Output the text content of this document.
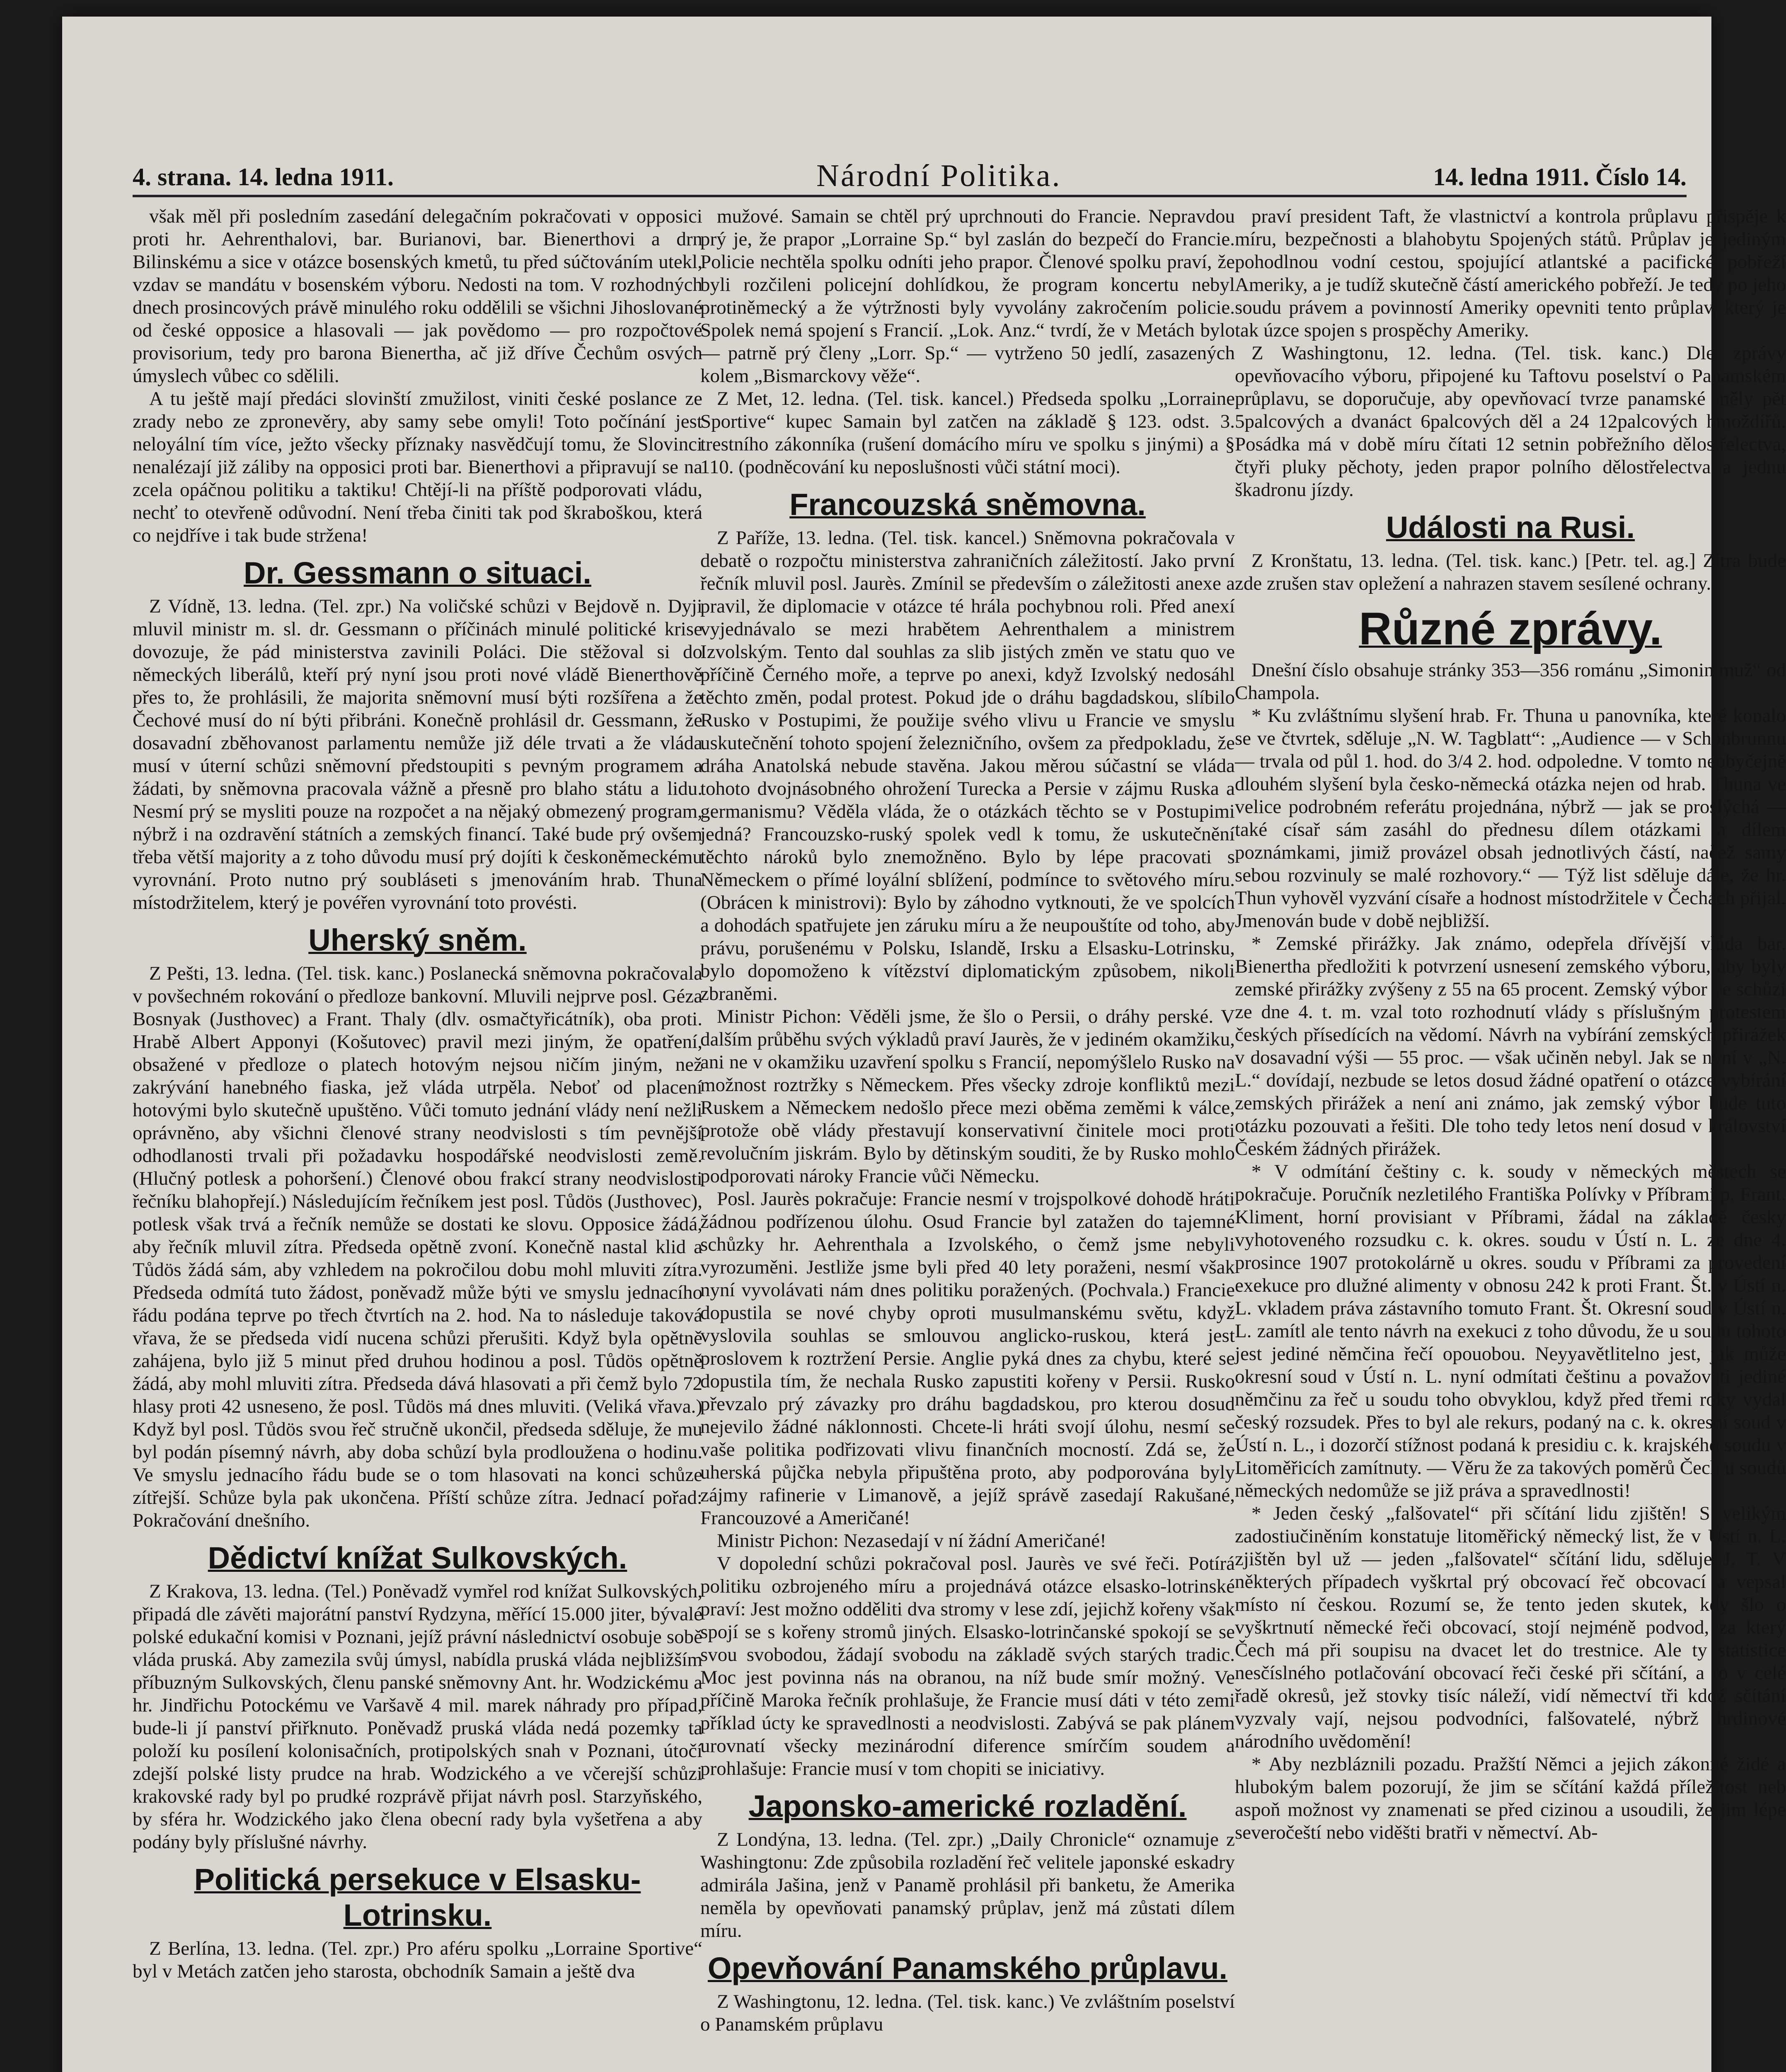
4. strana. 14. ledna 1911.	Národní Politika.	14. ledna 1911. Číslo 14.

však měl při posledním zasedání delegačním pokračovati v opposici proti hr. Aehrenthalovi, bar. Burianovi, bar. Bienerthovi a drn Bilinskému a sice v otázce bosenských kmetů, tu před súčtováním utekl, vzdav se mandátu v bosenském výboru. Nedosti na tom. V rozhodných dnech prosincových právě minulého roku oddělili se všichni Jihoslované od české opposice a hlasovali — jak povědomo — pro rozpočtové provisorium, tedy pro barona Bienertha, ač již dříve Čechům osvých úmyslech vůbec co sdělili.

A tu ještě mají předáci slovinští zmužilost, viniti české poslance ze zrady nebo ze zpronevěry, aby samy sebe omyli! Toto počínání jest neloyální tím více, ježto všecky příznaky nasvědčují tomu, že Slovinci nenalézají již záliby na opposici proti bar. Bienerthovi a připravují se na zcela opáčnou politiku a taktiku! Chtějí-li na příště podporovati vládu, nechť to otevřeně odůvodní. Není třeba činiti tak pod škraboškou, která co nejdříve i tak bude stržena!

Dr. Gessmann o situaci.

Z Vídně, 13. ledna. (Tel. zpr.) Na voličské schůzi v Bejdově n. Dyji mluvil ministr m. sl. dr. Gessmann o příčinách minulé politické krise dovozuje, že pád ministerstva zavinili Poláci. Die stěžoval si do německých liberálů, kteří prý nyní jsou proti nové vládě Bienerthově přes to, že prohlásili, že majorita sněmovní musí býti rozšířena a že Čechové musí do ní býti přibráni. Konečně prohlásil dr. Gessmann, že dosavadní zběhovanost parlamentu nemůže již déle trvati a že vláda musí v úterní schůzi sněmovní předstoupiti s pevným programem a žádati, by sněmovna pracovala vážně a přesně pro blaho státu a lidu. Nesmí prý se mysliti pouze na rozpočet a na nějaký obmezený program, nýbrž i na ozdravění státních a zemských financí. Také bude prý ovšem třeba větší majority a z toho důvodu musí prý dojíti k českoněmeckému vyrovnání. Proto nutno prý soubláseti s jmenováním hrab. Thuna místodržitelem, který je povéřen vyrovnání toto provésti.

Uherský sněm.

Z Pešti, 13. ledna. (Tel. tisk. kanc.) Poslanecká sněmovna pokračovala v povšechném rokování o předloze bankovní. Mluvili nejprve posl. Géza Bosnyak (Justhovec) a Frant. Thaly (dlv. osmačtyřicátník), oba proti. Hrabě Albert Apponyi (Košutovec) pravil mezi jiným, že opatření, obsažené v předloze o platech hotovým nejsou ničím jiným, než zakrývání hanebného fiaska, jež vláda utrpěla. Neboť od placení hotovými bylo skutečně upuštěno. Vůči tomuto jednání vlády není nežli oprávněno, aby všichni členové strany neodvislosti s tím pevnější odhodlanosti trvali při požadavku hospodářské neodvislosti země. (Hlučný potlesk a pohoršení.) Členové obou frakcí strany neodvislosti řečníku blahopřejí.) Následujícím řečníkem jest posl. Tůdös (Justhovec), potlesk však trvá a řečník nemůže se dostati ke slovu. Opposice žádá, aby řečník mluvil zítra. Předseda opětně zvoní. Konečně nastal klid a Tůdös žádá sám, aby vzhledem na pokročilou dobu mohl mluviti zítra. Předseda odmítá tuto žádost, poněvadž může býti ve smyslu jednacího řádu podána teprve po třech čtvrtích na 2. hod. Na to následuje taková vřava, že se předseda vidí nucena schůzi přerušiti. Když byla opětně zahájena, bylo již 5 minut před druhou hodinou a posl. Tůdös opětně žádá, aby mohl mluviti zítra. Předseda dává hlasovati a při čemž bylo 72 hlasy proti 42 usneseno, že posl. Tůdös má dnes mluviti. (Veliká vřava.) Když byl posl. Tůdös svou řeč stručně ukončil, předseda sděluje, že mu byl podán písemný návrh, aby doba schůzí byla prodloužena o hodinu. Ve smyslu jednacího řádu bude se o tom hlasovati na konci schůze zítřejší. Schůze byla pak ukončena. Příští schůze zítra. Jednací pořad: Pokračování dnešního.

Dědictví knížat Sulkovských.

Z Krakova, 13. ledna. (Tel.) Poněvadž vymřel rod knížat Sulkovských, připadá dle závěti majorátní panství Rydzyna, měřící 15.000 jiter, bývalé polské edukační komisi v Poznani, jejíž právní následnictví osobuje sobě vláda pruská. Aby zamezila svůj úmysl, nabídla pruská vláda nejbližším příbuzným Sulkovských, členu panské sněmovny Ant. hr. Wodzickému a hr. Jindřichu Potockému ve Varšavě 4 mil. marek náhrady pro případ, bude-li jí panství přiřknuto. Poněvadž pruská vláda nedá pozemky ta položí ku posílení kolonisačních, protipolských snah v Poznani, útočí zdejší polské listy prudce na hrab. Wodzického a ve včerejší schůzi krakovské rady byl po prudké rozprávě přijat návrh posl. Starzyňského, by sféra hr. Wodzického jako člena obecní rady byla vyšetřena a aby podány byly příslušné návrhy.

Politická persekuce v Elsasku-Lotrinsku.

Z Berlína, 13. ledna. (Tel. zpr.) Pro aféru spolku „Lorraine Sportive“ byl v Metách zatčen jeho starosta, obchodník Samain a ještě dva

mužové. Samain se chtěl prý uprchnouti do Francie. Nepravdou prý je, že prapor „Lorraine Sp.“ byl zaslán do bezpečí do Francie. Policie nechtěla spolku odníti jeho prapor. Členové spolku praví, že byli rozčileni policejní dohlídkou, že program koncertu nebyl protiněmecký a že výtržnosti byly vyvolány zakročením policie. Spolek nemá spojení s Francií. „Lok. Anz.“ tvrdí, že v Metách bylo — patrně prý členy „Lorr. Sp.“ — vytrženo 50 jedlí, zasazených kolem „Bismarckovy věže“.

Z Met, 12. ledna. (Tel. tisk. kancel.) Předseda spolku „Lorraine Sportive“ kupec Samain byl zatčen na základě § 123. odst. 3. trestního zákonníka (rušení domácího míru ve spolku s jinými) a § 110. (podněcování ku neposlušnosti vůči státní moci).

Francouzská sněmovna.

Z Paříže, 13. ledna. (Tel. tisk. kancel.) Sněmovna pokračovala v debatě o rozpočtu ministerstva zahraničních záležitostí. Jako první řečník mluvil posl. Jaurès. Zmínil se především o záležitosti anexe a pravil, že diplomacie v otázce té hrála pochybnou roli. Před anexí vyjednávalo se mezi hrabětem Aehrenthalem a ministrem Izvolským. Tento dal souhlas za slib jistých změn ve statu quo ve příčině Černého moře, a teprve po anexi, když Izvolský nedosáhl těchto změn, podal protest. Pokud jde o dráhu bagdadskou, slíbilo Rusko v Postupimi, že použije svého vlivu u Francie ve smyslu uskutečnění tohoto spojení železničního, ovšem za předpokladu, že dráha Anatolská nebude stavěna. Jakou měrou súčastní se vláda tohoto dvojnásobného ohrožení Turecka a Persie v zájmu Ruska a germanismu? Věděla vláda, že o otázkách těchto se v Postupimi jedná? Francouzsko-ruský spolek vedl k tomu, že uskutečnění těchto nároků bylo znemožněno. Bylo by lépe pracovati s Německem o přímé loyální sblížení, podmínce to světového míru. (Obrácen k ministrovi): Bylo by záhodno vytknouti, že ve spolcích a dohodách spatřujete jen záruku míru a že neupouštíte od toho, aby právu, porušenému v Polsku, Islandě, Irsku a Elsasku-Lotrinsku, bylo dopomoženo k vítězství diplomatickým způsobem, nikoli zbraněmi.

Ministr Pichon: Věděli jsme, že šlo o Persii, o dráhy perské. V dalším průběhu svých výkladů praví Jaurès, že v jediném okamžiku, ani ne v okamžiku uzavření spolku s Francií, nepomýšlelo Rusko na možnost roztržky s Německem. Přes všecky zdroje konfliktů mezi Ruskem a Německem nedošlo přece mezi oběma zeměmi k válce, protože obě vlády přestavují konservativní činitele moci proti revolučním jiskrám. Bylo by dětinským souditi, že by Rusko mohlo podporovati nároky Francie vůči Německu.

Posl. Jaurès pokračuje: Francie nesmí v trojspolkové dohodě hráti žádnou podřízenou úlohu. Osud Francie byl zatažen do tajemné schůzky hr. Aehrenthala a Izvolského, o čemž jsme nebyli vyrozuměni. Jestliže jsme byli před 40 lety poraženi, nesmí však nyní vyvolávati nám dnes politiku poražených. (Pochvala.) Francie dopustila se nové chyby oproti musulmanskému světu, když vyslovila souhlas se smlouvou anglicko-ruskou, která jest proslovem k roztržení Persie. Anglie pyká dnes za chybu, které se dopustila tím, že nechala Rusko zapustiti kořeny v Persii. Rusko převzalo prý závazky pro dráhu bagdadskou, pro kterou dosud nejevilo žádné náklonnosti. Chcete-li hráti svojí úlohu, nesmí se vaše politika podřizovati vlivu finančních mocností. Zdá se, že uherská půjčka nebyla připuštěna proto, aby podporována byly zájmy rafinerie v Limanově, a jejíž správě zasedají Rakušané, Francouzové a Američané!

Ministr Pichon: Nezasedají v ní žádní Američané!

V dopolední schůzi pokračoval posl. Jaurès ve své řeči. Potírá politiku ozbrojeného míru a projednává otázce elsasko-lotrinské praví: Jest možno odděliti dva stromy v lese zdí, jejichž kořeny však spojí se s kořeny stromů jiných. Elsasko-lotrinčanské spokojí se se svou svobodou, žádají svobodu na základě svých starých tradic. Moc jest povinna nás na obranou, na níž bude smír možný. Ve příčině Maroka řečník prohlašuje, že Francie musí dáti v této zemi příklad úcty ke spravedlnosti a neodvislosti. Zabývá se pak plánem urovnatí všecky mezinárodní diference smírčím soudem a prohlašuje: Francie musí v tom chopiti se iniciativy.

Japonsko-americké rozladění.

Z Londýna, 13. ledna. (Tel. zpr.) „Daily Chronicle“ oznamuje z Washingtonu: Zde způsobila rozladění řeč velitele japonské eskadry admirála Jašina, jenž v Panamě prohlásil při banketu, že Amerika neměla by opevňovati panamský průplav, jenž má zůstati dílem míru.

Opevňování Panamského průplavu.

Z Washingtonu, 12. ledna. (Tel. tisk. kanc.) Ve zvláštním poselství o Panamském průplavu

praví president Taft, že vlastnictví a kontrola průplavu přispěje k míru, bezpečnosti a blahobytu Spojených států. Průplav je jediným pohodlnou vodní cestou, spojující atlantské a pacifické pobřeží Ameriky, a je tudíž skutečně částí amerického pobřeží. Je tedy po jeho soudu právem a povinností Ameriky opevniti tento průplav, který je tak úzce spojen s prospěchy Ameriky.

Z Washingtonu, 12. ledna. (Tel. tisk. kanc.) Dle zprávy opevňovacího výboru, připojené ku Taftovu poselství o Panamském průplavu, se doporučuje, aby opevňovací tvrze panamské měly pět 5palcových a dvanáct 6palcových děl a 24 12palcových hmoždířů. Posádka má v době míru čítati 12 setnin pobřežního dělostřelectva, čtyři pluky pěchoty, jeden prapor polního dělostřelectva a jednu škadronu jízdy.

Události na Rusi.

Z Kronštatu, 13. ledna. (Tel. tisk. kanc.) [Petr. tel. ag.] Zítra bude zde zrušen stav opležení a nahrazen stavem sesílené ochrany.

Různé zprávy.

Dnešní číslo obsahuje stránky 353—356 románu „Simonin muž“ od Champola.

* Ku zvláštnímu slyšení hrab. Fr. Thuna u panovníka, které konalo se ve čtvrtek, sděluje „N. W. Tagblatt“: „Audience — v Schönbrunnu — trvala od půl 1. hod. do 3/4 2. hod. odpoledne. V tomto neobyčejně dlouhém slyšení byla česko-německá otázka nejen od hrab. Thuna ve velice podrobném referátu projednána, nýbrž — jak se proslýchá — také císař sám zasáhl do přednesu dílem otázkami a dílem poznámkami, jimiž provázel obsah jednotlivých částí, načež samy sebou rozvinuly se malé rozhovory.“ — Týž list sděluje dále, že hr. Thun vyhověl vyzvání císaře a hodnost místodržitele v Čechách přijal. Jmenován bude v době nejbližší.

* Zemské přirážky. Jak známo, odepřela dřívější vláda bar. Bienertha předložiti k potvrzení usnesení zemského výboru, aby byly zemské přirážky zvýšeny z 55 na 65 procent. Zemský výbor ve schůzi ze dne 4. t. m. vzal toto rozhodnutí vlády s příslušným protestem českých přísedících na vědomí. Návrh na vybírání zemských přirážek v dosavadní výši — 55 proc. — však učiněn nebyl. Jak se nyní v „N. L.“ dovídají, nezbude se letos dosud žádné opatření o otázce vybírání zemských přirážek a není ani známo, jak zemský výbor bude tuto otázku pozouvati a řešiti. Dle toho tedy letos není dosud v království Českém žádných přirážek.

* V odmítání češtiny c. k. soudy v německých městech se pokračuje. Poručník nezletilého Františka Polívky v Příbrami p. Frant. Kliment, horní provisiant v Příbrami, žádal na základě česky vyhotoveného rozsudku c. k. okres. soudu v Ústí n. L. ze dne 4. prosince 1907 protokolárně u okres. soudu v Příbrami za provedení exekuce pro dlužné alimenty v obnosu 242 k proti Frant. Št. v Ústí n. L. vkladem práva zástavního tomuto Frant. Št. Okresní soud v Ústí n. L. zamítl ale tento návrh na exekuci z toho důvodu, že u soudu tohoto jest jediné němčina řečí opouobou. Neyyavětlitelno jest, jak může okresní soud v Ústí n. L. nyní odmítati češtinu a považovati jediné němčinu za řeč u soudu toho obvyklou, když před třemi roky vydal český rozsudek. Přes to byl ale rekurs, podaný na c. k. okresní soud v Ústí n. L., i dozorčí stížnost podaná k presidiu c. k. krajského soudu v Litoměřicích zamítnuty. — Věru že za takových poměrů Čech u soudů německých nedomůže se již práva a spravedlnosti!

* Jeden český „falšovatel“ při sčítání lidu zjištěn! S velikým zadostiučiněním konstatuje litoměřický německý list, že v Ústí n. L. zjištěn byl už — jeden „falšovatel“ sčítání lidu, sděluje J. T. V některých případech vyškrtal prý obcovací řeč obcovací a vepsal místo ní českou. Rozumí se, že tento jeden skutek, kdy šlo o vyškrtnutí německé řeči obcovací, stojí nejméně podvod, za který Čech má při soupisu na dvacet let do trestnice. Ale ty statistice nesčíslného potlačování obcovací řeči české při sčítání, a to v celé řadě okresů, jež stovky tisíc náleží, vidí němectví tři kdož sčítání vyzvaly vají, nejsou podvodníci, falšovatelé, nýbrž hrdinové národního uvědomění!

* Aby nezbláznili pozadu. Pražští Němci a jejich zákonné židé a hlubokým balem pozorují, že jim se sčítání každá příležitost neb aspoň možnost vy znamenati se před cizinou a usoudili, že jim lépe severočeští nebo viděšti bratři v němectví. Ab-
